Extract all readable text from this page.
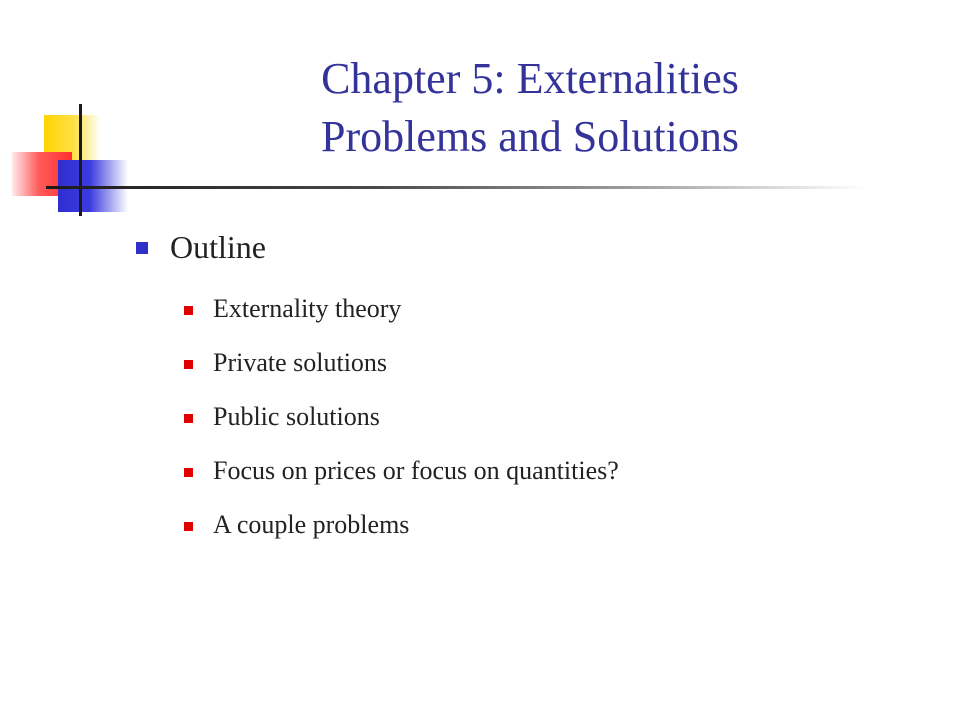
Chapter 5: Externalities
Problems and Solutions
Outline
Externality theory
Private solutions
Public solutions
Focus on prices or focus on quantities?
A couple problems
